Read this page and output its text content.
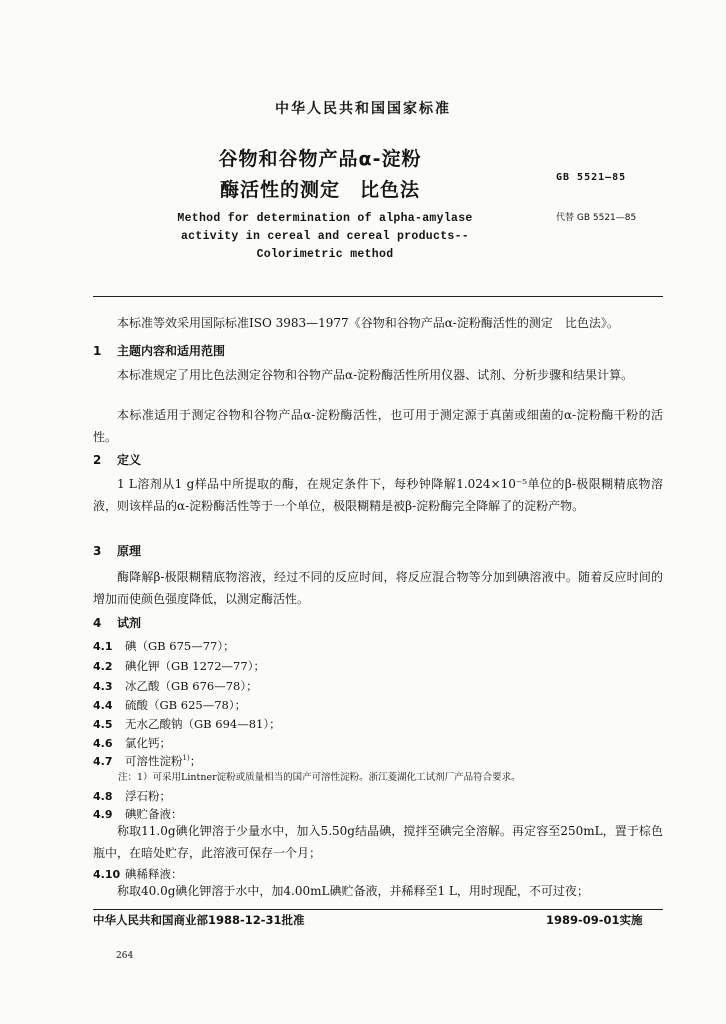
中华人民共和国国家标准
谷物和谷物产品α-淀粉
酶活性的测定　比色法
GB 5521—85
代替 GB 5521—85
Method for determination of alpha-amylase
activity in cereal and cereal products--
Colorimetric method
本标准等效采用国际标准ISO 3983—1977《谷物和谷物产品α-淀粉酶活性的测定　比色法》。
1 主题内容和适用范围
本标准规定了用比色法测定谷物和谷物产品α-淀粉酶活性所用仪器、试剂、分析步骤和结果计算。
本标准适用于测定谷物和谷物产品α-淀粉酶活性，也可用于测定源于真菌或细菌的α-淀粉酶干粉的活性。
2 定义
1 L溶剂从1 g样品中所提取的酶，在规定条件下，每秒钟降解1.024×10⁻⁵单位的β-极限糊精底物溶液，则该样品的α-淀粉酶活性等于一个单位，极限糊精是被β-淀粉酶完全降解了的淀粉产物。
3 原理
酶降解β-极限糊精底物溶液，经过不同的反应时间，将反应混合物等分加到碘溶液中。随着反应时间的增加而使颜色强度降低，以测定酶活性。
4 试剂
4.1 碘（GB 675—77）；
4.2 碘化钾（GB 1272—77）；
4.3 冰乙酸（GB 676—78）；
4.4 硫酸（GB 625—78）；
4.5 无水乙酸钠（GB 694—81）；
4.6 氯化钙；
4.7 可溶性淀粉$^{1)}$；
注：1）可采用Lintner淀粉或质量相当的国产可溶性淀粉。浙江菱湖化工试剂厂产品符合要求。
4.8 浮石粉；
4.9 碘贮备液：
称取11.0g碘化钾溶于少量水中，加入5.50g结晶碘，搅拌至碘完全溶解。再定容至250mL，置于棕色瓶中，在暗处贮存，此溶液可保存一个月；
4.10 碘稀释液：
称取40.0g碘化钾溶于水中，加4.00mL碘贮备液，并稀释至1 L，用时现配，不可过夜；
中华人民共和国商业部1988-12-31批准	1989-09-01实施
264
